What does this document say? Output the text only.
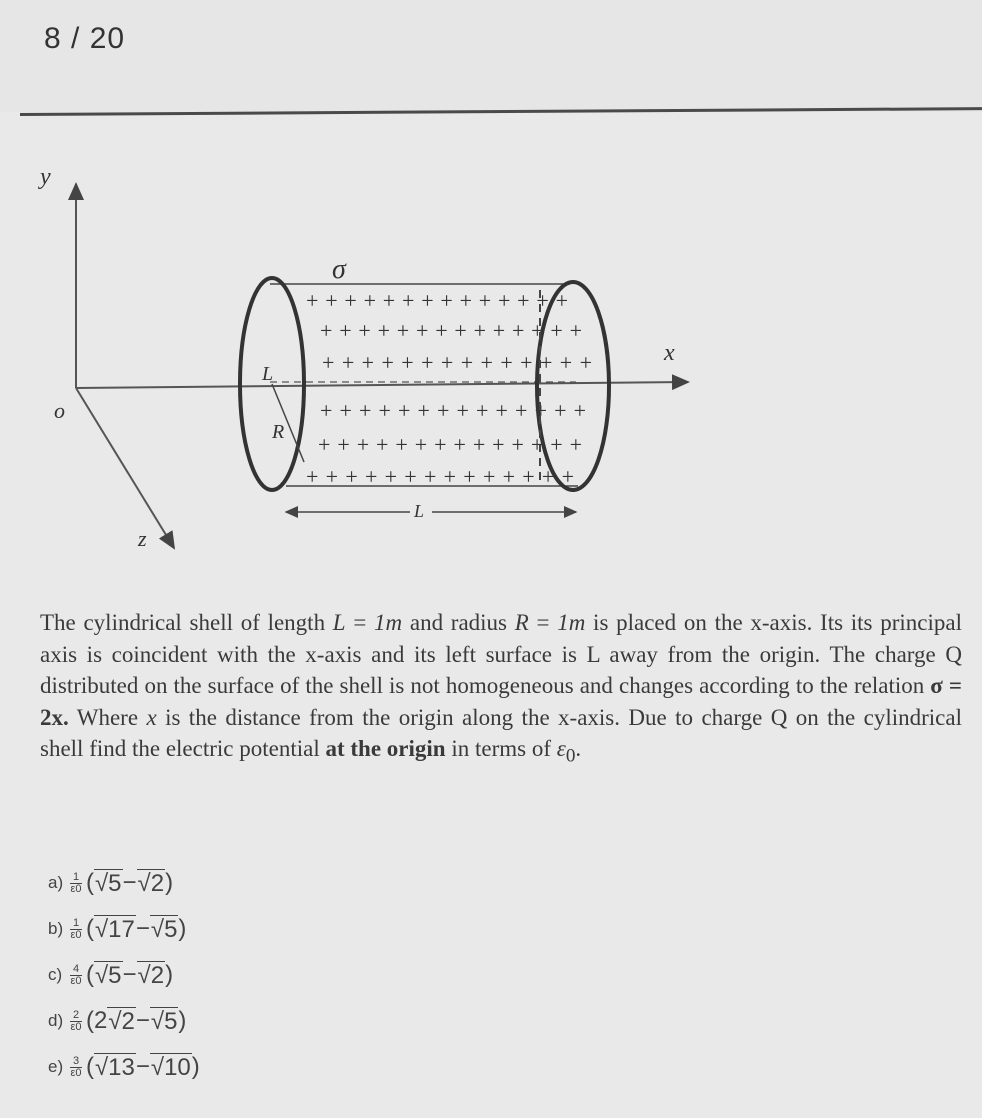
8 / 20
y
x
z
o
σ
++++++++++++++
++++++++++++++
++++++++++++++
++++++++++++++
++++++++++++++
++++++++++++++
L
R
L
The cylindrical shell of length L = 1m and radius R = 1m is placed on the x-axis. Its its principal axis is coincident with the x-axis and its left surface is L away from the origin. The charge Q distributed on the surface of the shell is not homogeneous and changes according to the relation σ = 2x. Where x is the distance from the origin along the x-axis. Due to charge Q on the cylindrical shell find the electric potential at the origin in terms of $\varepsilon_0$.
$a) \frac{1}{\varepsilon 0}$ ( √5 − √2 )
$b) \frac{1}{\varepsilon 0}$ ( √17 − √5 )
$c) \frac{4}{\varepsilon 0}$ ( √5 − √2 )
$d) \frac{2}{\varepsilon 0} (2$ √2 − √5 )
$e) \frac{3}{\varepsilon 0}$ ( √13 − √10 )
